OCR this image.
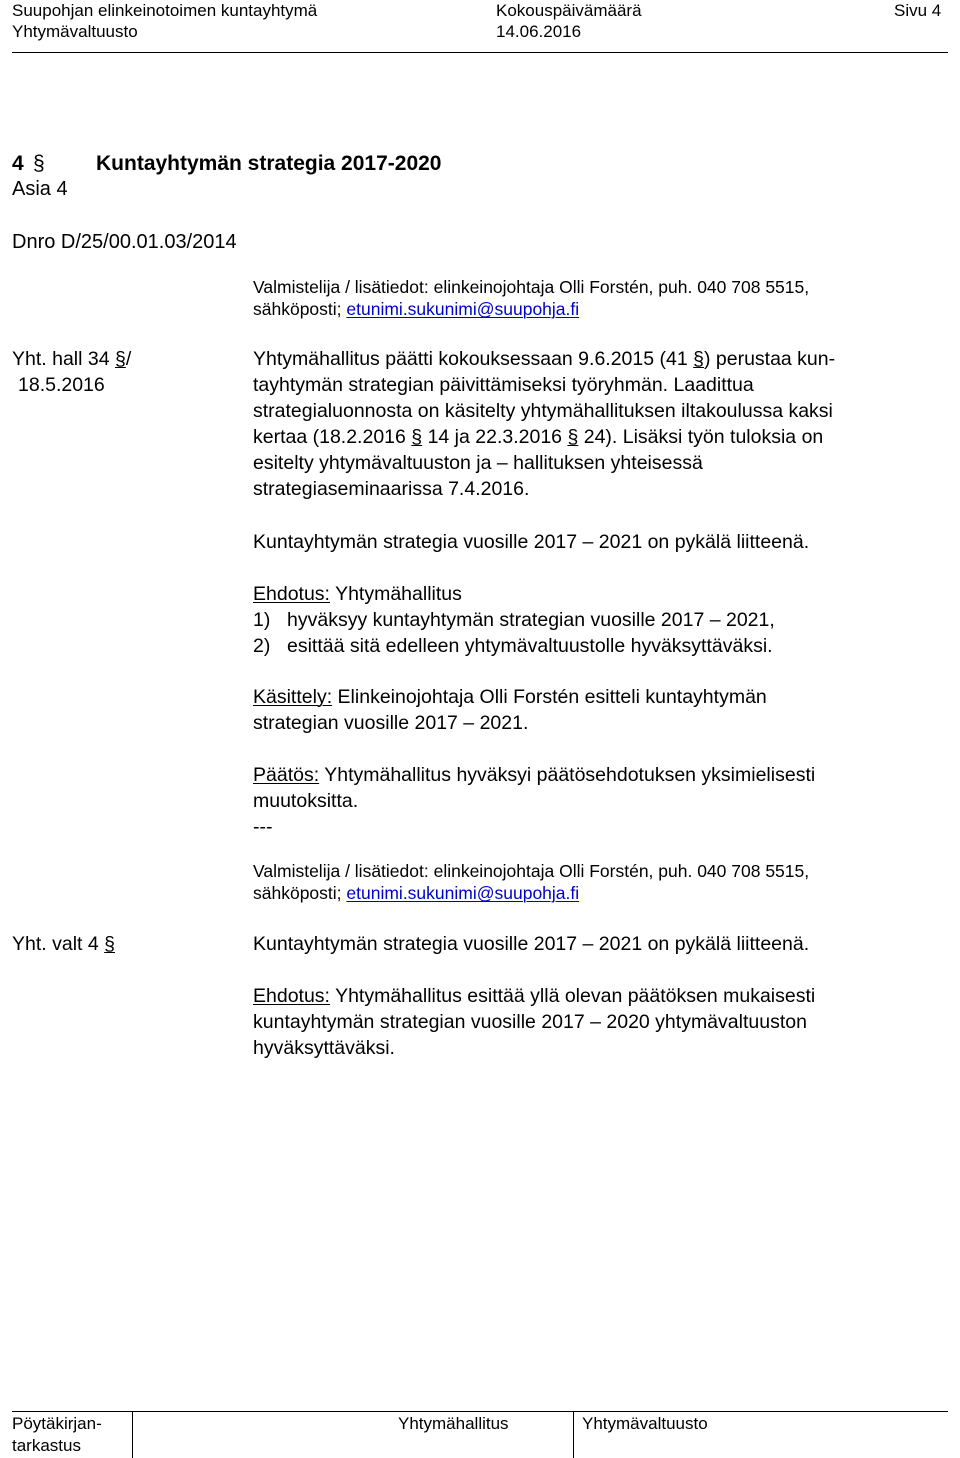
Suupohjan elinkeinotoimen kuntayhtymä
Yhtymävaltuusto
Kokouspäivämäärä
14.06.2016
Sivu 4
4 § Kuntayhtymän strategia 2017-2020
Asia 4
Dnro D/25/00.01.03/2014
Valmistelija / lisätiedot: elinkeinojohtaja Olli Forstén, puh. 040 708 5515,
sähköposti; etunimi.sukunimi@suupohja.fi
Yht. hall 34 §/
18.5.2016

Yhtymähallitus päätti kokouksessaan 9.6.2015 (41 §) perustaa kun-

tayhtymän strategian päivittämiseksi työryhmän. Laadittua

strategialuonnosta on käsitelty yhtymähallituksen iltakoulussa kaksi

kertaa (18.2.2016 § 14 ja 22.3.2016 § 24). Lisäksi työn tuloksia on

esitelty yhtymävaltuuston ja – hallituksen yhteisessä

strategiaseminaarissa 7.4.2016.

Kuntayhtymän strategia vuosille 2017 – 2021 on pykälä liitteenä.

Ehdotus: Yhtymähallitus

1) hyväksyy kuntayhtymän strategian vuosille 2017 – 2021,

2) esittää sitä edelleen yhtymävaltuustolle hyväksyttäväksi.

Käsittely: Elinkeinojohtaja Olli Forstén esitteli kuntayhtymän

strategian vuosille 2017 – 2021.

Päätös: Yhtymähallitus hyväksyi päätösehdotuksen yksimielisesti

muutoksitta.

---

Valmistelija / lisätiedot: elinkeinojohtaja Olli Forstén, puh. 040 708 5515,
sähköposti; etunimi.sukunimi@suupohja.fi
Yht. valt 4 §	Kuntayhtymän strategia vuosille 2017 – 2021 on pykälä liitteenä.

Ehdotus: Yhtymähallitus esittää yllä olevan päätöksen mukaisesti

kuntayhtymän strategian vuosille 2017 – 2020 yhtymävaltuuston

hyväksyttäväksi.

Pöytäkirjan-
tarkastus
Yhtymähallitus	Yhtymävaltuusto
